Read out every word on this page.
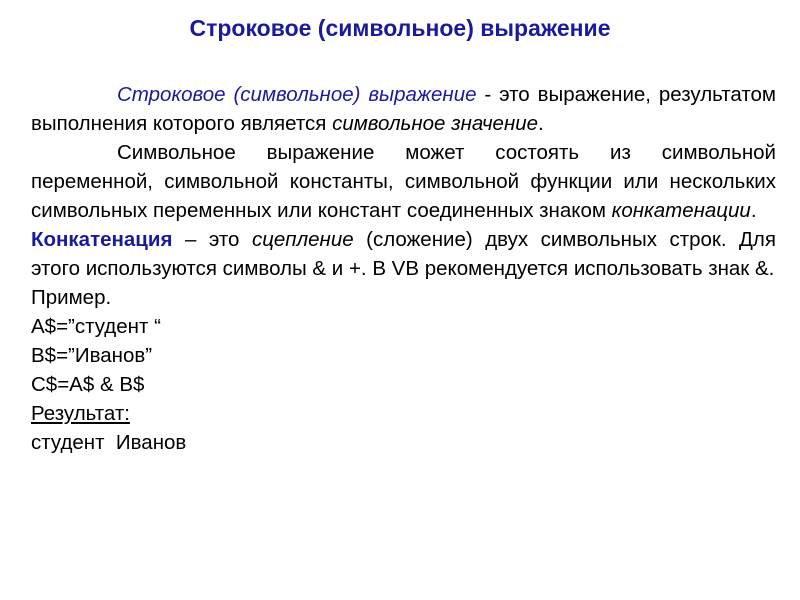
Строковое (символьное) выражение

Строковое (символьное) выражение - это выражение, результатом выполнения которого является символьное значение.

Символьное выражение может состоять из символьной переменной, символьной константы, символьной функции или нескольких символьных переменных или констант соединенных знаком конкатенации.

Конкатенация – это сцепление (сложение) двух символьных строк. Для этого используются символы & и +. В VB рекомендуется использовать знак &.

Пример.

A$=”студент “

B$=”Иванов”

C$=A$ & B$

Результат:

студент  Иванов
